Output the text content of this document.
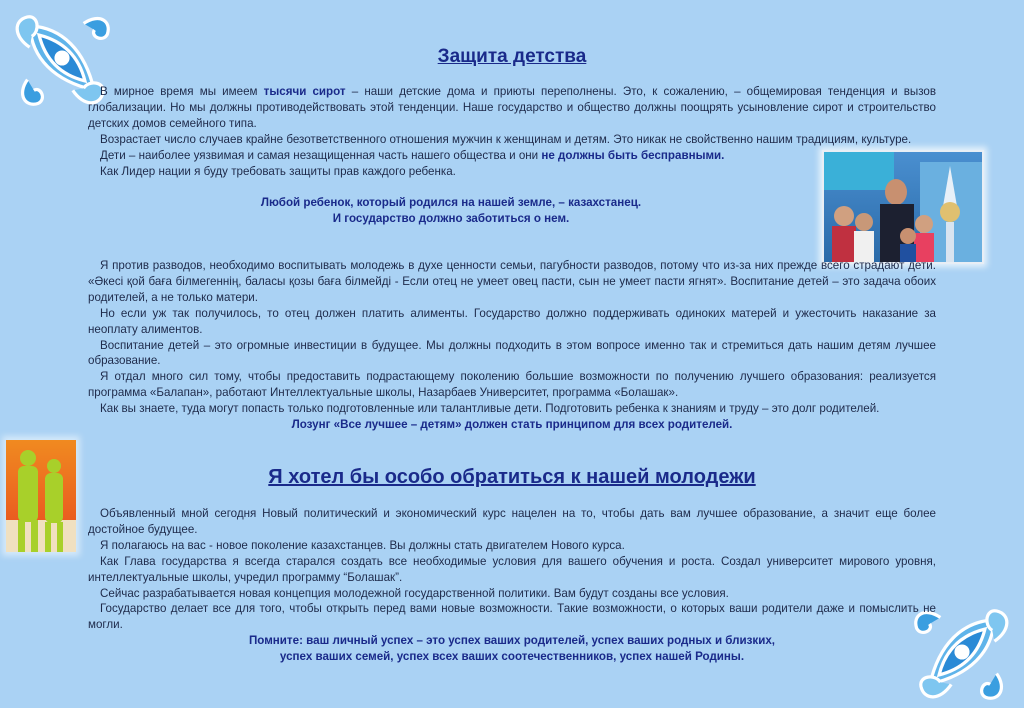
Защита детства

В мирное время мы имеем тысячи сирот – наши детские дома и приюты переполнены. Это, к сожалению, – общемировая тенденция и вызов глобализации. Но мы должны противодействовать этой тенденции. Наше государство и общество должны поощрять усыновление сирот и строительство детских домов семейного типа.

Возрастает число случаев крайне безответственного отношения мужчин к женщинам и детям. Это никак не свойственно нашим традициям, культуре.

Дети – наиболее уязвимая и самая незащищенная часть нашего общества и они не должны быть бесправными.

Как Лидер нации я буду требовать защиты прав каждого ребенка.

Любой ребенок, который родился на нашей земле, – казахстанец.

И государство должно заботиться о нем.

Я против разводов, необходимо воспитывать молодежь в духе ценности семьи, пагубности разводов, потому что из-за них прежде всего страдают дети. «Әкесі қой баға білмегеннің, баласы қозы баға білмейді - Если отец не умеет овец пасти, сын не умеет пасти ягнят». Воспитание детей – это задача обоих родителей, а не только матери.

Но если уж так получилось, то отец должен платить алименты. Государство должно поддерживать одиноких матерей и ужесточить наказание за неоплату алиментов.

Воспитание детей – это огромные инвестиции в будущее. Мы должны подходить в этом вопросе именно так и стремиться дать нашим детям лучшее образование.

Я отдал много сил тому, чтобы предоставить подрастающему поколению большие возможности по получению лучшего образования: реализуется программа «Балапан», работают Интеллектуальные школы, Назарбаев Университет, программа «Болашак».

Как вы знаете, туда могут попасть только подготовленные или талантливые дети. Подготовить ребенка к знаниям и труду – это долг родителей.

Лозунг «Все лучшее – детям» должен стать принципом для всех родителей.

Я хотел бы особо обратиться к нашей молодежи

Объявленный мной сегодня Новый политический и экономический курс нацелен на то, чтобы дать вам лучшее образование, а значит еще более достойное будущее.

Я полагаюсь на вас - новое поколение казахстанцев. Вы должны стать двигателем Нового курса.

Как Глава государства я всегда старался создать все необходимые условия для вашего обучения и роста. Создал университет мирового уровня, интеллектуальные школы, учредил программу “Болашак”.

Сейчас разрабатывается новая концепция молодежной государственной политики. Вам будут созданы все условия.

Государство делает все для того, чтобы открыть перед вами новые возможности. Такие возможности, о которых ваши родители даже и помыслить не могли.

Помните: ваш личный успех – это успех ваших родителей, успех ваших родных и близких,

успех ваших семей, успех всех ваших соотечественников, успех нашей Родины.
